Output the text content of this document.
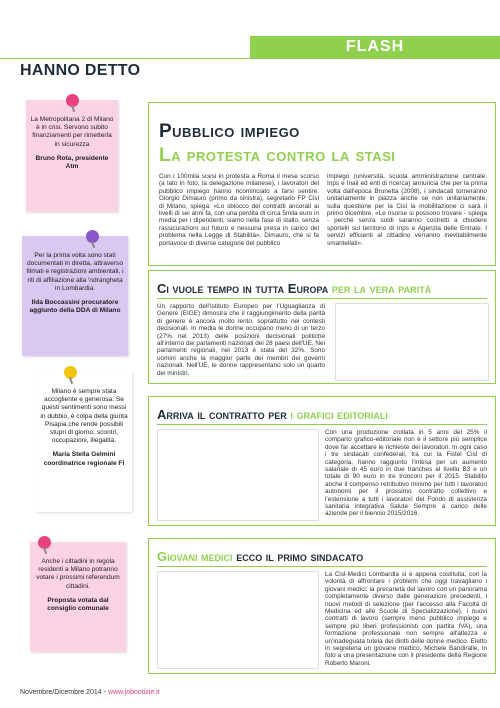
FLASH
HANNO DETTO
La Metropolitana 2 di Milano è in crisi. Servono subito finanziamenti per rimetterla in sicurezza
Bruno Rota, presidente Atm
Per la prima volta sono stati documentati in diretta, attraverso filmati e registrazioni ambientali, i riti di affiliazione alla 'ndrangheta in Lombardia.
Ilda Boccassini procuratore aggiunto della DDA di Milano
Milano è sempre stata accogliente e generosa. Se questi sentimenti sono messi in dubbio, è colpa della giunta Pisapia che rende possibili stupri di giorno, scontri, occupazioni, illegalità.
Maria Stella Gelmini coordinatrice regionale FI
Anche i cittadini in regola residenti a Milano potranno votare i prossimi referendum cittadini.
Proposta votata dal consiglio comunale
Pubblico impiego
La protesta contro la stasi
Con i 100mila scesi in protesta a Roma il mese scorso (a lato in foto, la delegazione milanese), i lavoratori del pubblico impiego hanno ricominciato a farsi sentire. Giorgio Dimauro (primo da sinistra), segretario FP Cisl di Milano, spiega: «Lo sblocco dei contratti ancorati ai livelli di sei anni fa, con una perdita di circa 5mila euro in media per i dipendenti, siamo nella fase di stallo, senza rassicurazioni sul futuro e nessuna presa in carico del problema nella Legge di Stabilità». Dimauro, che si fa portavoce di diverse categorie del pubblico
impiego (università, scuola amministrazione centrale, Inps e Inail ed enti di ricerca) annuncia che per la prima volta dall'epoca Brunetta (2008), i sindacati torneranno unitariamente in piazza anche se non unitariamente, sulla questione per la Cisl la mobilitazione ci sarà il primo dicembre. «Le risorse si possono trovare - spiega - perché senza soldi saranno costretti a chiudere sportelli sul territorio di Inps e Agenzia delle Entrate. I servizi efficienti al cittadino verranno inevitabilmente smantellati».
Ci vuole tempo in tutta Europa per la vera parità
Un rapporto dell'Istituto Europeo per l'Uguaglianza di Genere (EIGE) dimostra che il raggiungimento della parità di genere è ancora molto lento, soprattutto nei contesti decisionali. In media le donne occupano meno di un terzo (27% nel 2013) delle posizioni decisionali politiche all'interno dei parlamenti nazionali dei 28 paesi dell'UE. Nei parlamenti regionali, nel 2013 è stata del 32%. Sono uomini anche la maggior parte dei membri dei governi nazionali. Nell'UE, le donne rappresentano solo un quarto dei ministri.
Arriva il contratto per i grafici editoriali
Con una produzione crollata in 5 anni del 25% il comparto grafico-editoriale non è il settore più semplice dove far accettare le richieste dei lavoratori. In ogni caso i tre sindacati confederali, tra cui la Fistel Cisl di categoria, hanno raggiunto l'intesa per un aumento salariale di 45 euro in due tranches al livello B3 e un totale di 90 euro in tre tronconi per il 2015. Stabilito anche il compenso retributivo minimo per tutti i lavoratori autonomi per il prossimo contratto collettivo e l'estensione a tutti i lavoratori del Fondo di assistenza sanitaria integrativa Salute Sempre a carico delle aziende per il biennio 2015/2016.
Giovani medici ecco il primo sindacato
La Cisl-Medici Lombardia si è appena costituita, con la volontà di affrontare i problemi che oggi travagliano i giovani medici: la precarietà del lavoro con un panorama completamente diverso dalle generazioni precedenti, i nuovi metodi di selezione (per l'accesso alla Facoltà di Medicina ed alle Scuole di Specializzazione), i nuovi contratti di lavoro (sempre meno pubblico impiego e sempre più liberi professionisti con partita IVA), una formazione professionale non sempre all'altezza e un'inadeguata tutela dei diritti delle donne medico. Eletto in segreteria un giovane medico, Michele Bandiralle, in foto a una presentazione con il presidente della Regione Roberto Maroni.
Novembre/Dicembre 2014 - www.jobnotizie.it
